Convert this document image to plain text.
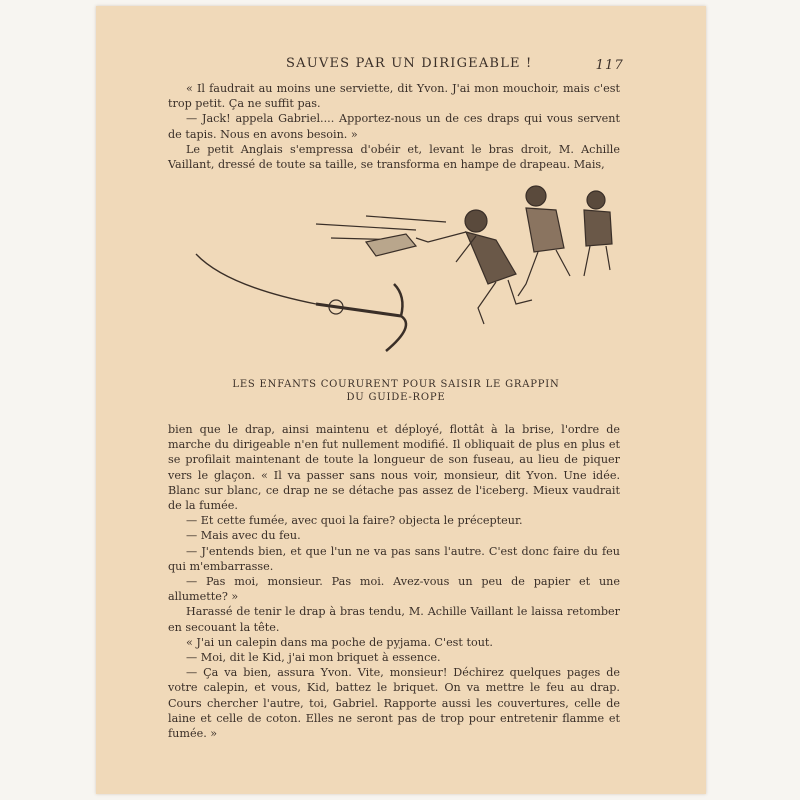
SAUVES PAR UN DIRIGEABLE !	117

« Il faudrait au moins une serviette, dit Yvon. J'ai mon mouchoir, mais c'est trop petit. Ça ne suffit pas.

— Jack! appela Gabriel.... Apportez-nous un de ces draps qui vous servent de tapis. Nous en avons besoin. »

Le petit Anglais s'empressa d'obéir et, levant le bras droit, M. Achille Vaillant, dressé de toute sa taille, se transforma en hampe de drapeau. Mais,

LES ENFANTS COURURENT POUR SAISIR LE GRAPPIN
DU GUIDE-ROPE

bien que le drap, ainsi maintenu et déployé, flottât à la brise, l'ordre de marche du dirigeable n'en fut nullement modifié. Il obliquait de plus en plus et se profilait maintenant de toute la longueur de son fuseau, au lieu de piquer vers le glaçon. « Il va passer sans nous voir, monsieur, dit Yvon. Une idée. Blanc sur blanc, ce drap ne se détache pas assez de l'iceberg. Mieux vaudrait de la fumée.

— Et cette fumée, avec quoi la faire? objecta le précepteur.

— Mais avec du feu.

— J'entends bien, et que l'un ne va pas sans l'autre. C'est donc faire du feu qui m'embarrasse.

— Pas moi, monsieur. Pas moi. Avez-vous un peu de papier et une allumette? »

Harassé de tenir le drap à bras tendu, M. Achille Vaillant le laissa retomber en secouant la tête.

« J'ai un calepin dans ma poche de pyjama. C'est tout.

— Moi, dit le Kid, j'ai mon briquet à essence.

— Ça va bien, assura Yvon. Vite, monsieur! Déchirez quelques pages de votre calepin, et vous, Kid, battez le briquet. On va mettre le feu au drap. Cours chercher l'autre, toi, Gabriel. Rapporte aussi les couvertures, celle de laine et celle de coton. Elles ne seront pas de trop pour entretenir flamme et fumée. »
